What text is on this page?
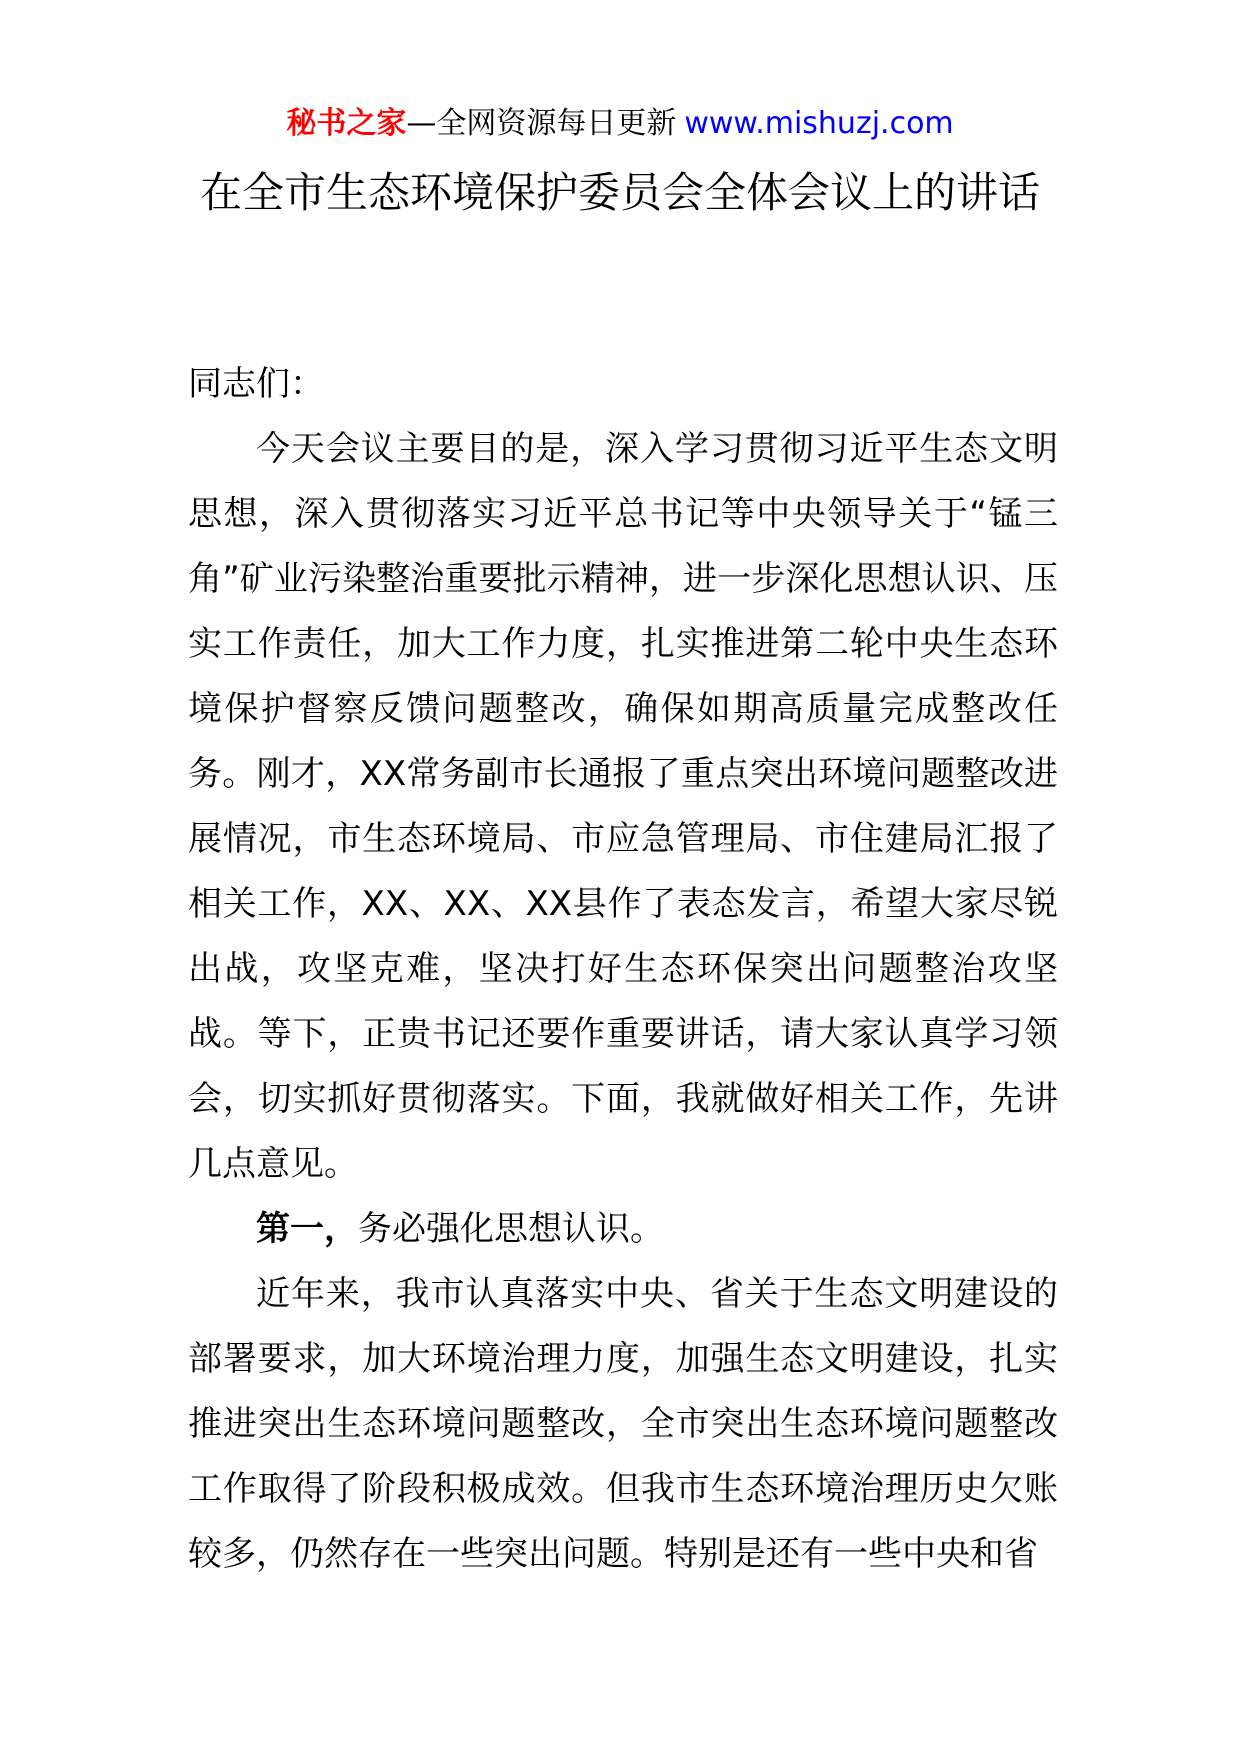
秘书之家—全网资源每日更新 www.mishuzj.com
在全市生态环境保护委员会全体会议上的讲话

同志们：

今天会议主要目的是，深入学习贯彻习近平生态文明思想，深入贯彻落实习近平总书记等中央领导关于“锰三角”矿业污染整治重要批示精神，进一步深化思想认识、压实工作责任，加大工作力度，扎实推进第二轮中央生态环境保护督察反馈问题整改，确保如期高质量完成整改任务。刚才，XX常务副市长通报了重点突出环境问题整改进展情况，市生态环境局、市应急管理局、市住建局汇报了相关工作，XX、XX、XX县作了表态发言，希望大家尽锐出战，攻坚克难，坚决打好生态环保突出问题整治攻坚战。等下，正贵书记还要作重要讲话，请大家认真学习领会，切实抓好贯彻落实。下面，我就做好相关工作，先讲几点意见。

第一，务必强化思想认识。

近年来，我市认真落实中央、省关于生态文明建设的部署要求，加大环境治理力度，加强生态文明建设，扎实推进突出生态环境问题整改，全市突出生态环境问题整改工作取得了阶段积极成效。但我市生态环境治理历史欠账较多，仍然存在一些突出问题。特别是还有一些中央和省
